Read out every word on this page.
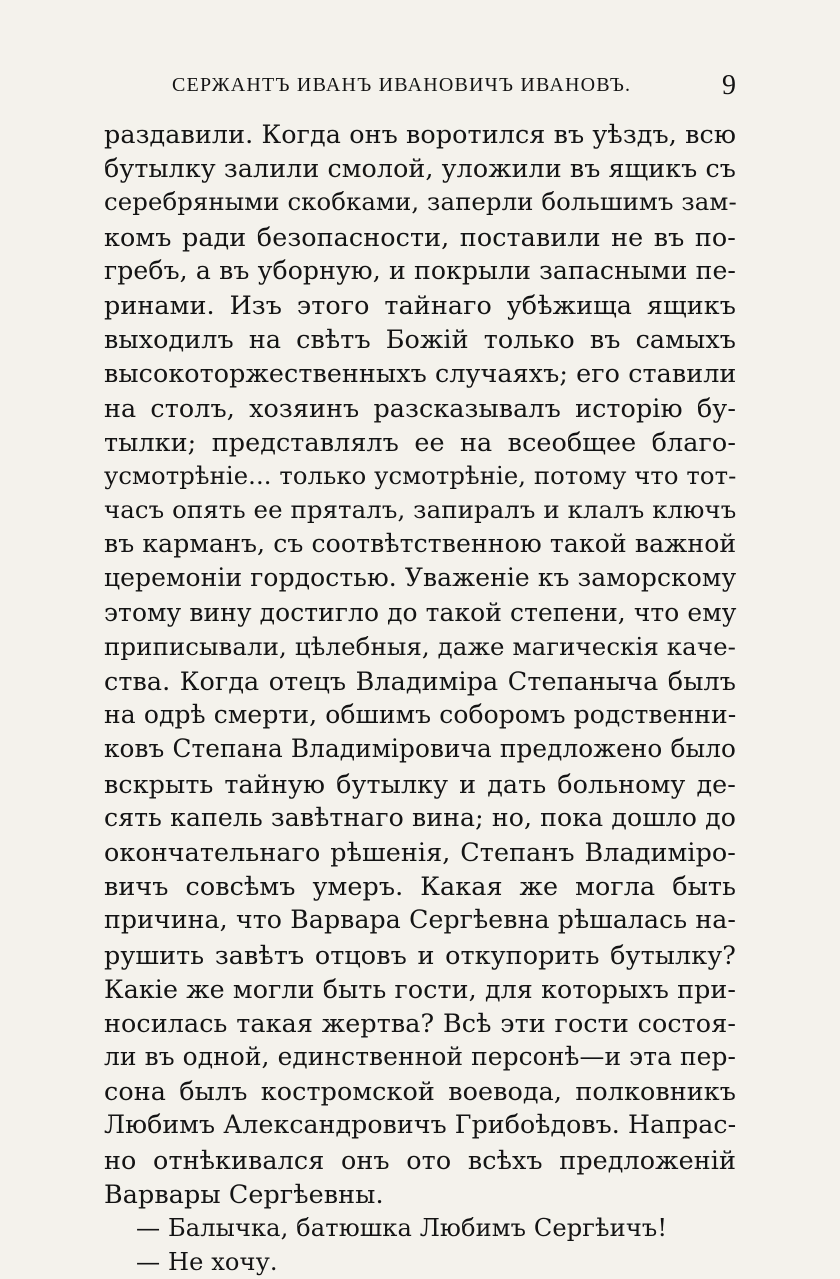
СЕРЖАНТЪ ИВАНЪ ИВАНОВИЧЪ ИВАНОВЪ.	9
раздавили. Когда онъ воротился въ уѣздъ, всю
бутылку залили смолой, уложили въ ящикъ съ
серебряными скобками, заперли большимъ зам-
комъ ради безопасности, поставили не въ по-
гребъ, а въ уборную, и покрыли запасными пе-
ринами. Изъ этого тайнаго убѣжища ящикъ
выходилъ на свѣтъ Божій только въ самыхъ
высокоторжественныхъ случаяхъ; его ставили
на столъ, хозяинъ разсказывалъ исторію бу-
тылки; представлялъ ее на всеобщее благо-
усмотрѣніе... только усмотрѣніе, потому что тот-
часъ опять ее пряталъ, запиралъ и клалъ ключъ
въ карманъ, съ соотвѣтственною такой важной
церемоніи гордостью. Уваженіе къ заморскому
этому вину достигло до такой степени, что ему
приписывали, цѣлебныя, даже магическія каче-
ства. Когда отецъ Владиміра Степаныча былъ
на одрѣ смерти, обшимъ соборомъ родственни-
ковъ Степана Владиміровича предложено было
вскрыть тайную бутылку и дать больному де-
сять капель завѣтнаго вина; но, пока дошло до
окончательнаго рѣшенія, Степанъ Владиміро-
вичъ совсѣмъ умеръ. Какая же могла быть
причина, что Варвара Сергѣевна рѣшалась на-
рушить завѣтъ отцовъ и откупорить бутылку?
Какіе же могли быть гости, для которыхъ при-
носилась такая жертва? Всѣ эти гости состоя-
ли въ одной, единственной персонѣ—и эта пер-
сона былъ костромской воевода, полковникъ
Любимъ Александровичъ Грибоѣдовъ. Напрас-
но отнѣкивался онъ ото всѣхъ предложеній
Варвары Сергѣевны.
— Балычка, батюшка Любимъ Сергѣичъ!
— Не хочу.
